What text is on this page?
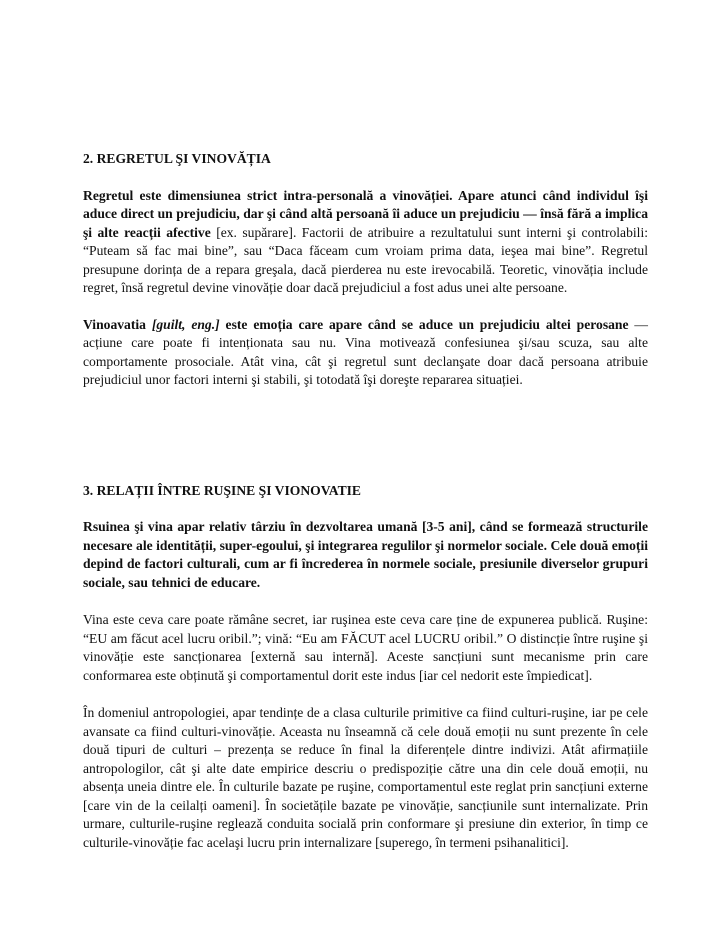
2. REGRETUL ŞI VINOVĂȚIA

Regretul este dimensiunea strict intra-personală a vinovăției. Apare atunci când individul îşi aduce direct un prejudiciu, dar şi când altă persoană îi aduce un prejudiciu — însă fără a implica şi alte reacții afective [ex. supărare]. Factorii de atribuire a rezultatului sunt interni şi controlabili: “Puteam să fac mai bine”, sau “Daca făceam cum vroiam prima data, ieşea mai bine”. Regretul presupune dorința de a repara greşala, dacă pierderea nu este irevocabilă. Teoretic, vinovăția include regret, însă regretul devine vinovăție doar dacă prejudiciul a fost adus unei alte persoane.

Vinoavatia [guilt, eng.] este emoția care apare când se aduce un prejudiciu altei perosane — acțiune care poate fi intenționata sau nu. Vina motivează confesiunea şi/sau scuza, sau alte comportamente prosociale. Atât vina, cât şi regretul sunt declanşate doar dacă persoana atribuie prejudiciul unor factori interni şi stabili, şi totodată îşi doreşte repararea situației.

3. RELAȚII ÎNTRE RUŞINE ŞI VIONOVATIE

Rsuinea şi vina apar relativ târziu în dezvoltarea umană [3-5 ani], când se formează structurile necesare ale identității, super-egoului, şi integrarea regulilor şi normelor sociale. Cele două emoții depind de factori culturali, cum ar fi încrederea în normele sociale, presiunile diverselor grupuri sociale, sau tehnici de educare.

Vina este ceva care poate rămâne secret, iar ruşinea este ceva care ține de expunerea publică. Ruşine: “EU am făcut acel lucru oribil.”; vină: “Eu am FĂCUT acel LUCRU oribil.” O distincție între ruşine şi vinovăție este sancționarea [externă sau internă]. Aceste sancțiuni sunt mecanisme prin care conformarea este obținută şi comportamentul dorit este indus [iar cel nedorit este împiedicat].

În domeniul antropologiei, apar tendințe de a clasa culturile primitive ca fiind culturi-ruşine, iar pe cele avansate ca fiind culturi-vinovăție. Aceasta nu înseamnă că cele două emoții nu sunt prezente în cele două tipuri de culturi – prezența se reduce în final la diferențele dintre indivizi. Atât afirmațiile antropologilor, cât şi alte date empirice descriu o predispoziție către una din cele două emoții, nu absența uneia dintre ele. În culturile bazate pe ruşine, comportamentul este reglat prin sancțiuni externe [care vin de la ceilalți oameni]. În societățile bazate pe vinovăție, sancțiunile sunt internalizate. Prin urmare, culturile-ruşine reglează conduita socială prin conformare şi presiune din exterior, în timp ce culturile-vinovăție fac acelaşi lucru prin internalizare [superego, în termeni psihanalitici].
